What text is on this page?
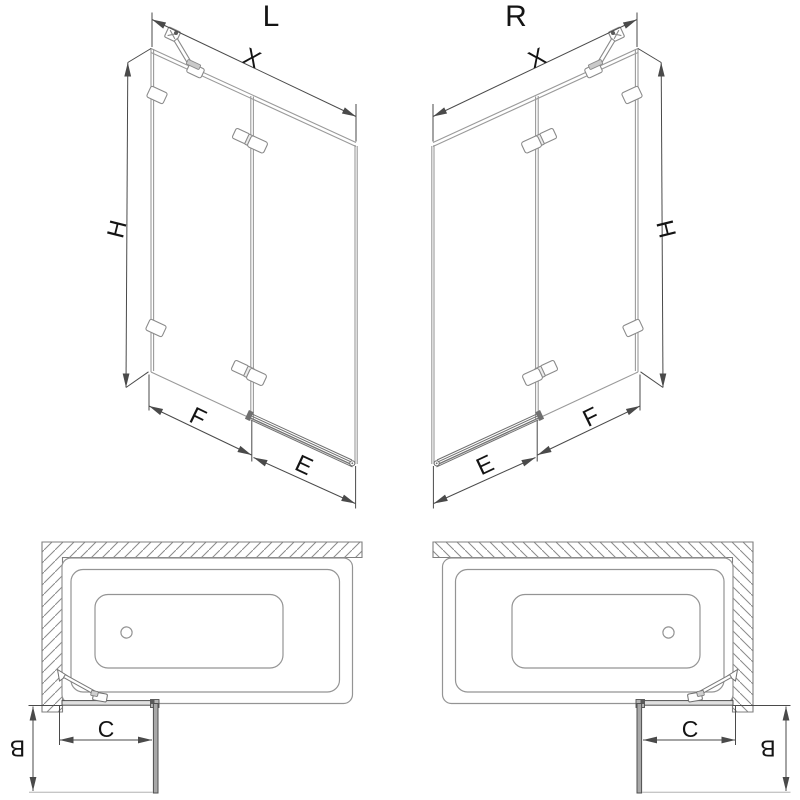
L
X
H
F
E
R
X
H
F
E
C
B
C
B
